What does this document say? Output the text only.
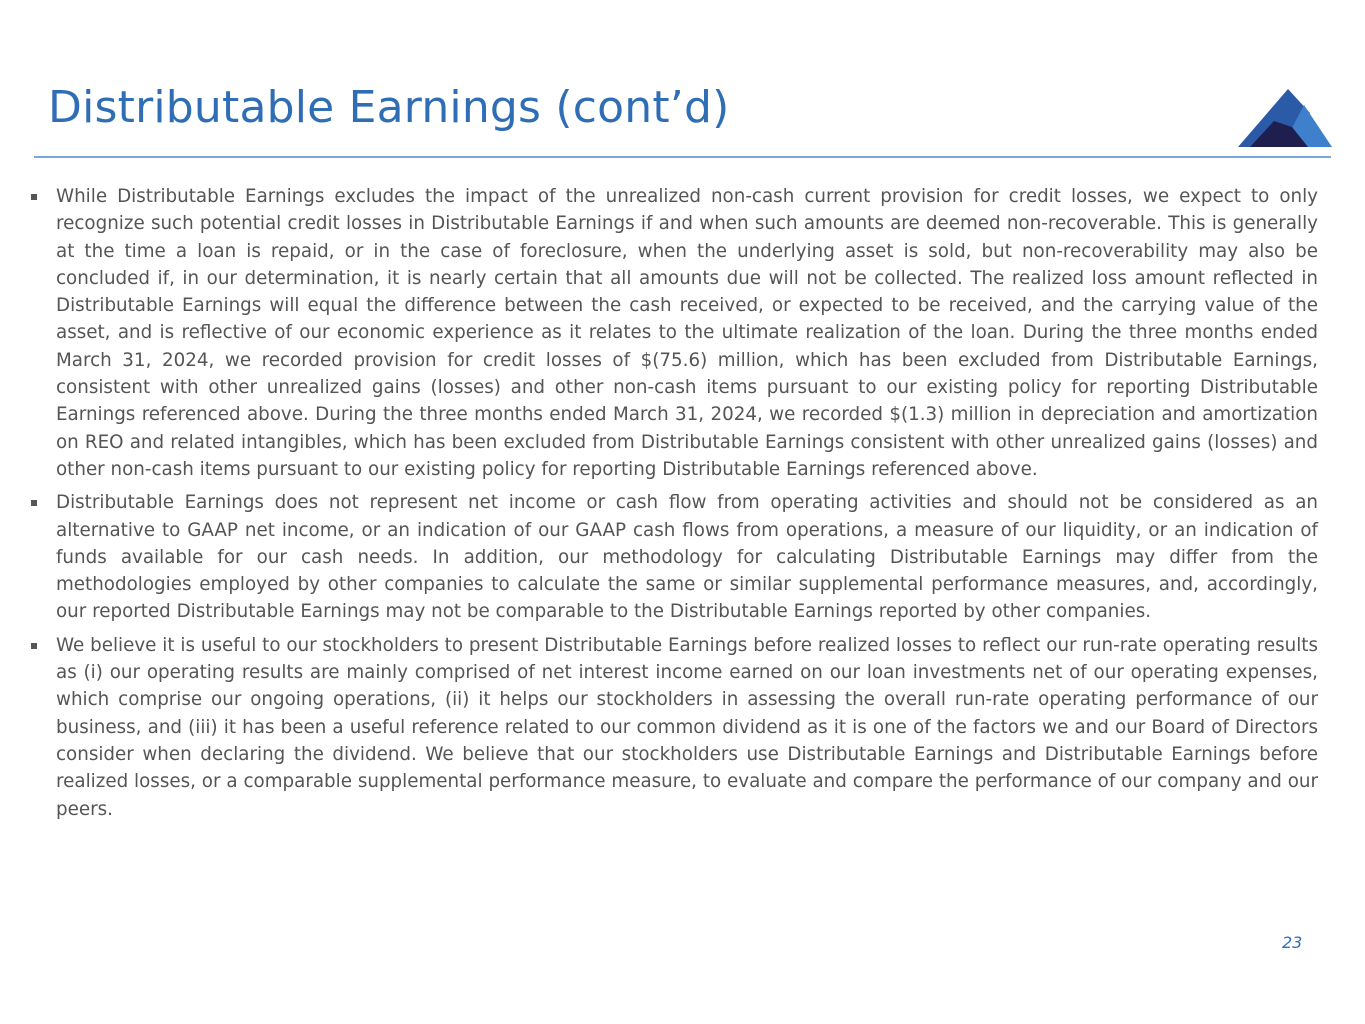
Distributable Earnings (cont’d)
While Distributable Earnings excludes the impact of the unrealized non-cash current provision for credit losses, we expect to only recognize such potential credit losses in Distributable Earnings if and when such amounts are deemed non-recoverable. This is generally at the time a loan is repaid, or in the case of foreclosure, when the underlying asset is sold, but non-recoverability may also be concluded if, in our determination, it is nearly certain that all amounts due will not be collected. The realized loss amount reflected in Distributable Earnings will equal the difference between the cash received, or expected to be received, and the carrying value of the asset, and is reflective of our economic experience as it relates to the ultimate realization of the loan. During the three months ended March 31, 2024, we recorded provision for credit losses of $(75.6) million, which has been excluded from Distributable Earnings, consistent with other unrealized gains (losses) and other non-cash items pursuant to our existing policy for reporting Distributable Earnings referenced above. During the three months ended March 31, 2024, we recorded $(1.3) million in depreciation and amortization on REO and related intangibles, which has been excluded from Distributable Earnings consistent with other unrealized gains (losses) and other non-cash items pursuant to our existing policy for reporting Distributable Earnings referenced above.
Distributable Earnings does not represent net income or cash flow from operating activities and should not be considered as an alternative to GAAP net income, or an indication of our GAAP cash flows from operations, a measure of our liquidity, or an indication of funds available for our cash needs. In addition, our methodology for calculating Distributable Earnings may differ from the methodologies employed by other companies to calculate the same or similar supplemental performance measures, and, accordingly, our reported Distributable Earnings may not be comparable to the Distributable Earnings reported by other companies.
We believe it is useful to our stockholders to present Distributable Earnings before realized losses to reflect our run-rate operating results as (i) our operating results are mainly comprised of net interest income earned on our loan investments net of our operating expenses, which comprise our ongoing operations, (ii) it helps our stockholders in assessing the overall run-rate operating performance of our business, and (iii) it has been a useful reference related to our common dividend as it is one of the factors we and our Board of Directors consider when declaring the dividend. We believe that our stockholders use Distributable Earnings and Distributable Earnings before realized losses, or a comparable supplemental performance measure, to evaluate and compare the performance of our company and our peers.
23
